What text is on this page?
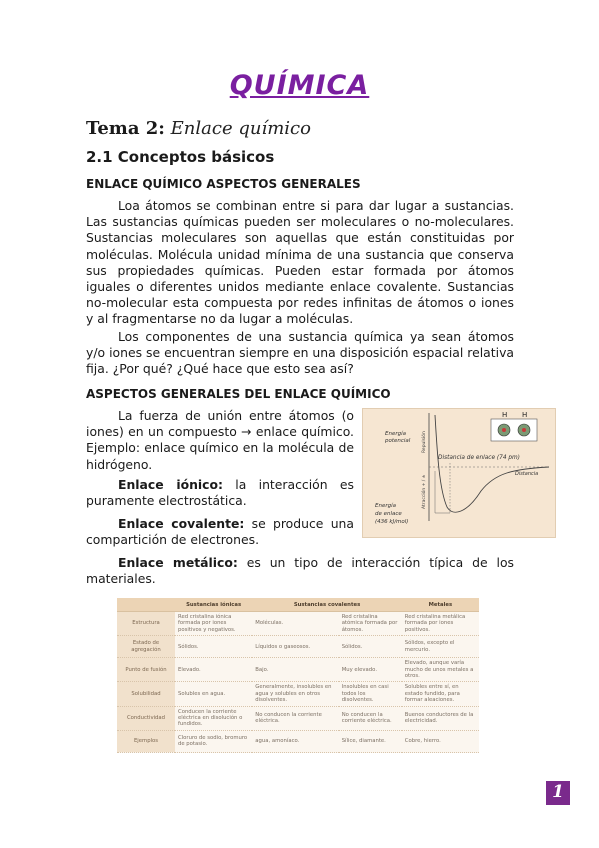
QUÍMICA
Tema 2: Enlace químico
2.1 Conceptos básicos
ENLACE QUÍMICO ASPECTOS GENERALES
Loa átomos se combinan entre si para dar lugar a sustancias. Las sustancias químicas pueden ser moleculares o no-moleculares. Sustancias moleculares son aquellas que están constituidas por moléculas. Molécula unidad mínima de una sustancia que conserva sus propiedades químicas. Pueden estar formada por átomos iguales o diferentes unidos mediante enlace covalente. Sustancias no-molecular esta compuesta por redes infinitas de átomos o iones y al fragmentarse no da lugar a moléculas.
Los componentes de una sustancia química ya sean átomos y/o iones se encuentran siempre en una disposición espacial relativa fija. ¿Por qué? ¿Qué hace que esto sea así?
ASPECTOS GENERALES DEL ENLACE QUÍMICO
La fuerza de unión entre átomos (o iones) en un compuesto → enlace químico. Ejemplo: enlace químico en la molécula de hidrógeno.
Enlace iónico: la interacción es puramente electrostática.
Enlace covalente: se produce una compartición de electrones.
Enlace metálico: es un tipo de interacción típica de los materiales.
H H
Energía
potencial
Distancia de enlace (74 pm)
Repulsión
Atracción + / ±
Distancia
Energía
de enlace
(436 kJ/mol)
	Sustancias iónicas	Sustancias covalentes		Metales
Estructura	Red cristalina iónica formada por iones positivos y negativos.	Moléculas.	Red cristalina atómica formada por átomos.	Red cristalina metálica formada por iones positivos.
Estado de agregación	Sólidos.	Líquidos o gaseosos.	Sólidos.	Sólidos, excepto el mercurio.
Punto de fusión	Elevado.	Bajo.	Muy elevado.	Elevado, aunque varía mucho de unos metales a otros.
Solubilidad	Solubles en agua.	Generalmente, insolubles en agua y solubles en otros disolventes.	Insolubles en casi todos los disolventes.	Solubles entre sí, en estado fundido, para formar aleaciones.
Conductividad	Conducen la corriente eléctrica en disolución o fundidos.	No conducen la corriente eléctrica.	No conducen la corriente eléctrica.	Buenos conductores de la electricidad.
Ejemplos	Cloruro de sodio, bromuro de potasio.	agua, amoníaco.	Sílice, diamante.	Cobre, hierro.
1
